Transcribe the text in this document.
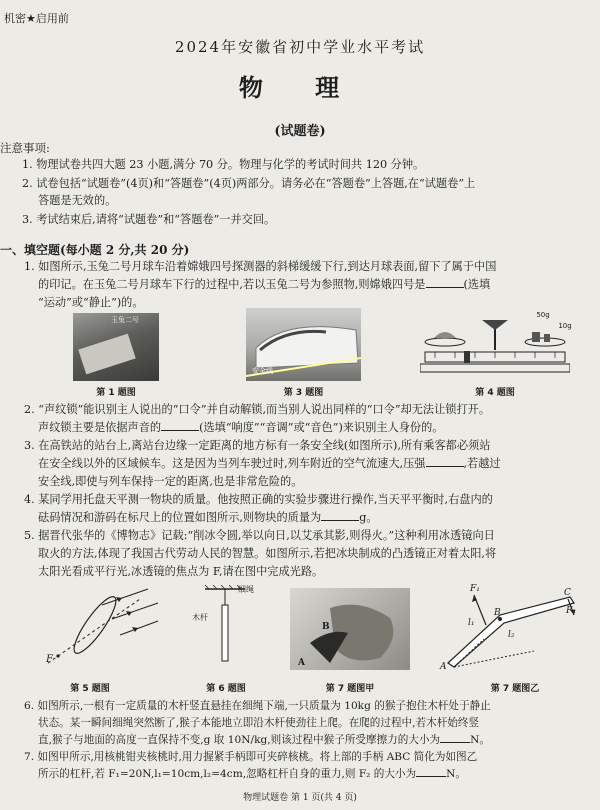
机密★启用前
2024年安徽省初中学业水平考试
物 理
(试题卷)
注意事项:
1. 物理试卷共四大题 23 小题,满分 70 分。物理与化学的考试时间共 120 分钟。
2. 试卷包括“试题卷”(4页)和“答题卷”(4页)两部分。请务必在“答题卷”上答题,在“试题卷”上
答题是无效的。
3. 考试结束后,请将“试题卷”和“答题卷”一并交回。
一、填空题(每小题 2 分,共 20 分)
1. 如图所示,玉兔二号月球车沿着嫦娥四号探测器的斜梯缓缓下行,到达月球表面,留下了属于中国
的印记。在玉兔二号月球车下行的过程中,若以玉兔二号为参照物,则嫦娥四号是	(选填
“运动”或“静止”)的。
玉兔二号
第 1 题图
安全线
第 3 题图
50g
10g
第 4 题图
2. “声纹锁”能识别主人说出的“口令”并自动解锁,而当别人说出同样的“口令”却无法让锁打开。
声纹锁主要是依据声音的	(选填“响度”“音调”或“音色”)来识别主人身份的。
3. 在高铁站的站台上,离站台边缘一定距离的地方标有一条安全线(如图所示),所有乘客都必须站
在安全线以外的区域候车。这是因为当列车驶过时,列车附近的空气流速大,压强	,若越过
安全线,即使与列车保持一定的距离,也是非常危险的。
4. 某同学用托盘天平测一物块的质量。他按照正确的实验步骤进行操作,当天平平衡时,右盘内的
砝码情况和游码在标尺上的位置如图所示,则物块的质量为	g。
5. 据晋代张华的《博物志》记载:“削冰令圆,举以向日,以艾承其影,则得火。”这种利用冰透镜向日
取火的方法,体现了我国古代劳动人民的智慧。如图所示,若把冰块制成的凸透镜正对着太阳,将
太阳光看成平行光,冰透镜的焦点为 F,请在图中完成光路。
F
第 5 题图
细绳
木杆
第 6 题图
B
A
第 7 题图甲
F₁
F₂
l₁
l₂
A
B
C
第 7 题图乙
6. 如图所示,一根有一定质量的木杆竖直悬挂在细绳下端,一只质量为 10kg 的猴子抱住木杆处于静止
状态。某一瞬间细绳突然断了,猴子本能地立即沿木杆使劲往上爬。在爬的过程中,若木杆始终竖
直,猴子与地面的高度一直保持不变,g 取 10N/kg,则该过程中猴子所受摩擦力的大小为	N。
7. 如图甲所示,用核桃钳夹核桃时,用力握紧手柄即可夹碎核桃。将上部的手柄 ABC 简化为如图乙
所示的杠杆,若 F₁=20N,l₁=10cm,l₂=4cm,忽略杠杆自身的重力,则 F₂ 的大小为	N。
物理试题卷 第 1 页(共 4 页)
